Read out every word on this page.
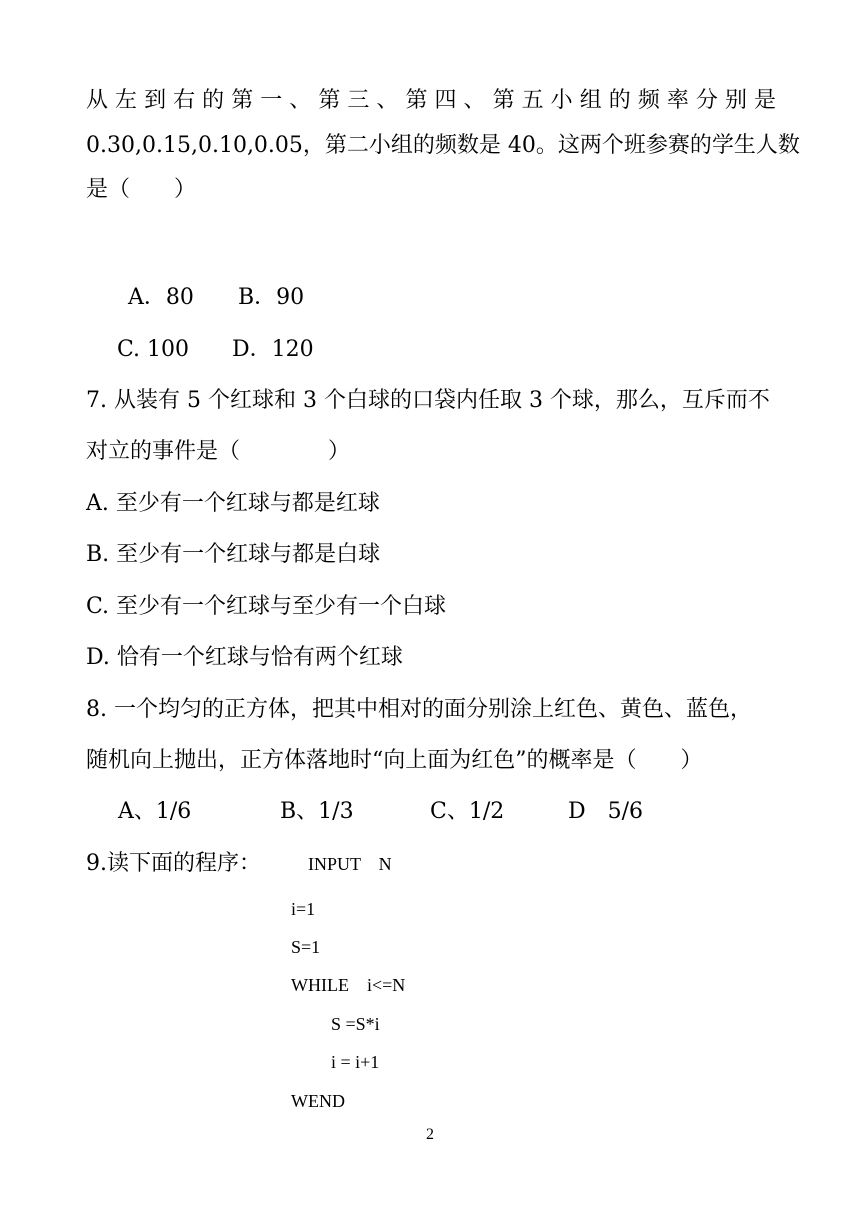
从左到右的第一、第三、第四、第五小组的频率分别是
0.30,0.15,0.10,0.05，第二小组的频数是 40。这两个班参赛的学生人数
是（　　）
A．80 B．90
C. 100 D．120
7. 从装有 5 个红球和 3 个白球的口袋内任取 3 个球，那么，互斥而不
对立的事件是（　　　　）
A. 至少有一个红球与都是红球
B. 至少有一个红球与都是白球
C. 至少有一个红球与至少有一个白球
D. 恰有一个红球与恰有两个红球
8. 一个均匀的正方体，把其中相对的面分别涂上红色、黄色、蓝色，
随机向上抛出，正方体落地时“向上面为红色”的概率是（　　）
A、1/6	B、1/3	C、1/2	D　5/6
9.读下面的程序：	INPUT    N
i=1
S=1
WHILE    i<=N
S =S*i
i = i+1
WEND
2
